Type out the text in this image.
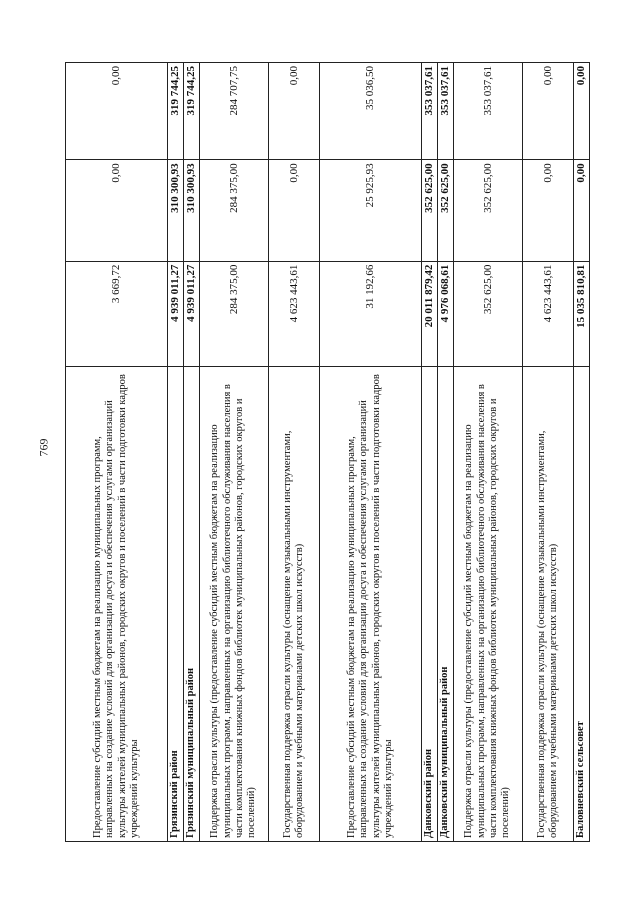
769	Предоставление субсидий местным бюджетам на реализацию муниципальных программ, направленных на создание условий для организации досуга и обеспечения услугами организаций культуры жителей муниципальных районов, городских округов и поселений в части подготовки кадров учреждений культуры	3 669,72	0,00	0,00
Грязинский район	4 939 011,27	310 300,93	319 744,25
Грязинский муниципальный район	4 939 011,27	310 300,93	319 744,25
Поддержка отрасли культуры (предоставление субсидий местным бюджетам на реализацию муниципальных программ, направленных на организацию библиотечного обслуживания населения в части комплектования книжных фондов библиотек муниципальных районов, городских округов и поселений)	284 375,00	284 375,00	284 707,75
Государственная поддержка отрасли культуры (оснащение музыкальными инструментами, оборудованием и учебными материалами детских школ искусств)	4 623 443,61	0,00	0,00
Предоставление субсидий местным бюджетам на реализацию муниципальных программ, направленных на создание условий для организации досуга и обеспечения услугами организаций культуры жителей муниципальных районов, городских округов и поселений в части подготовки кадров учреждений культуры	31 192,66	25 925,93	35 036,50
Данковский район	20 011 879,42	352 625,00	353 037,61
Данковский муниципальный район	4 976 068,61	352 625,00	353 037,61
Поддержка отрасли культуры (предоставление субсидий местным бюджетам на реализацию муниципальных программ, направленных на организацию библиотечного обслуживания населения в части комплектования книжных фондов библиотек муниципальных районов, городских округов и поселений)	352 625,00	352 625,00	353 037,61
Государственная поддержка отрасли культуры (оснащение музыкальными инструментами, оборудованием и учебными материалами детских школ искусств)	4 623 443,61	0,00	0,00
Баловневский сельсовет	15 035 810,81	0,00	0,00
